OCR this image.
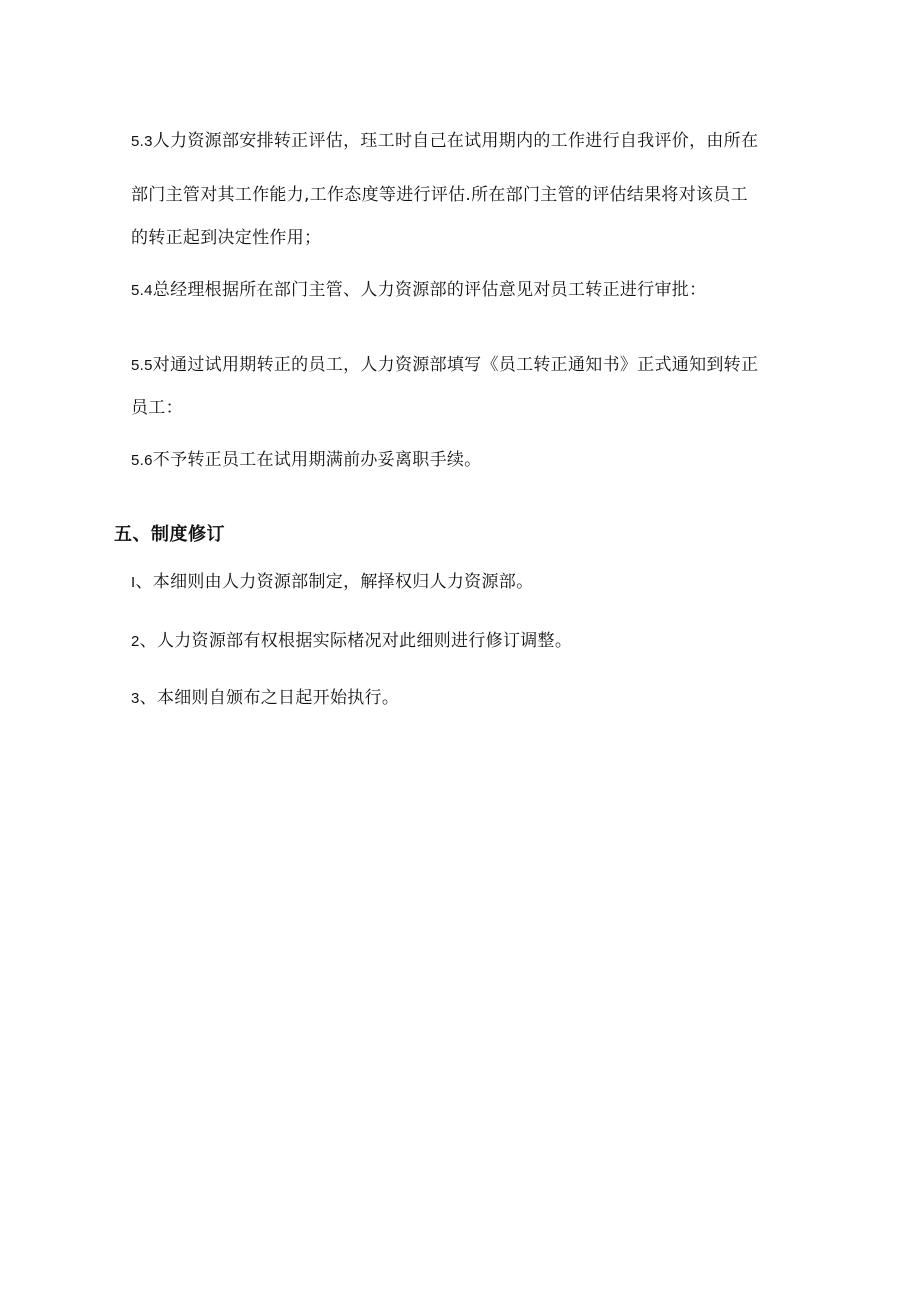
5.3人力资源部安排转正评估，珏工时自己在试用期内的工作进行自我评价，由所在
部门主管对其工作能力,工作态度等进行评估.所在部门主管的评估结果将对该员工
的转正起到决定性作用；
5.4总经理根据所在部门主管、人力资源部的评估意见对员工转正进行审批：
5.5对通过试用期转正的员工，人力资源部填写《员工转正通知书》正式通知到转正
员工：
5.6不予转正员工在试用期满前办妥离职手续。
五、制度修订
I、本细则由人力资源部制定，解择权归人力资源部。
2、人力资源部有权根据实际楮况对此细则进行修订调整。
3、本细则自颁布之日起开始执行。
